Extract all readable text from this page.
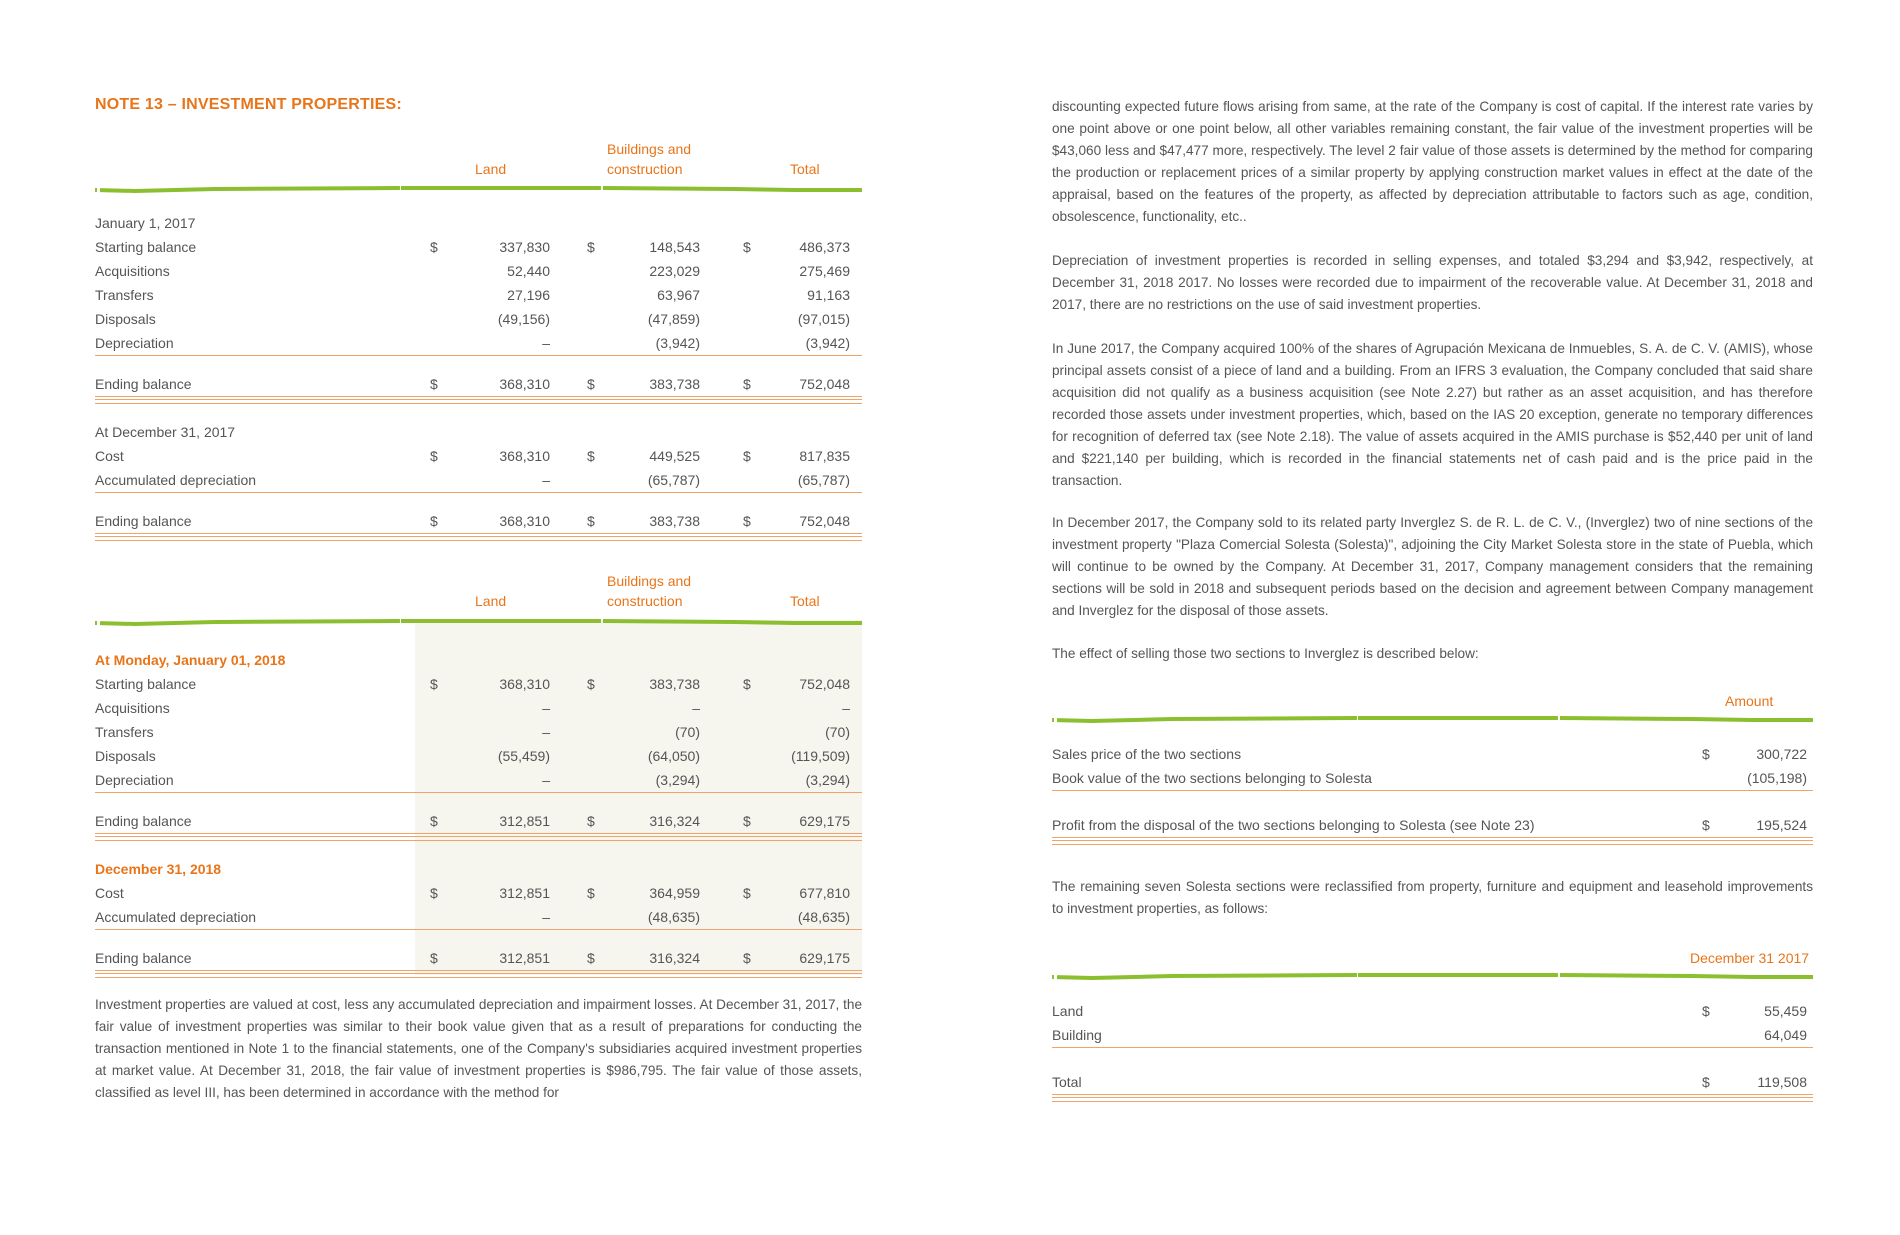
NOTE 13 – INVESTMENT PROPERTIES:
Land
Buildings and
construction	Total
January 1, 2017
Starting balance	$	337,830	$	148,543	$	486,373
Acquisitions	52,440	223,029	275,469
Transfers	27,196	63,967	91,163
Disposals	(49,156)	(47,859)	(97,015)
Depreciation	–	(3,942)	(3,942)
Ending balance	$	368,310	$	383,738	$	752,048
At December 31, 2017
Cost	$	368,310	$	449,525	$	817,835
Accumulated depreciation	–	(65,787)	(65,787)
Ending balance	$	368,310	$	383,738	$	752,048
Land
Buildings and
construction	Total
At Monday, January 01, 2018
Starting balance	$	368,310	$	383,738	$	752,048
Acquisitions	–	–	–
Transfers	–	(70)	(70)
Disposals	(55,459)	(64,050)	(119,509)
Depreciation	–	(3,294)	(3,294)
Ending balance	$	312,851	$	316,324	$	629,175
December 31, 2018
Cost	$	312,851	$	364,959	$	677,810
Accumulated depreciation	–	(48,635)	(48,635)
Ending balance	$	312,851	$	316,324	$	629,175
Investment properties are valued at cost, less any accumulated depreciation and impairment losses. At December 31, 2017, the fair value of investment properties was similar to their book value given that as a result of preparations for conducting the transaction mentioned in Note 1 to the financial statements, one of the Company's subsidiaries acquired investment properties at market value. At December 31, 2018, the fair value of investment properties is $986,795. The fair value of those assets, classified as level III, has been determined in accordance with the method for
discounting expected future flows arising from same, at the rate of the Company is cost of capital. If the interest rate varies by one point above or one point below, all other variables remaining constant, the fair value of the investment properties will be $43,060 less and $47,477 more, respectively. The level 2 fair value of those assets is determined by the method for comparing the production or replacement prices of a similar property by applying construction market values in effect at the date of the appraisal, based on the features of the property, as affected by depreciation attributable to factors such as age, condition, obsolescence, functionality, etc..
Depreciation of investment properties is recorded in selling expenses, and totaled $3,294 and $3,942, respectively, at December 31, 2018 2017. No losses were recorded due to impairment of the recoverable value. At December 31, 2018 and 2017, there are no restrictions on the use of said investment properties.
In June 2017, the Company acquired 100% of the shares of Agrupación Mexicana de Inmuebles, S. A. de C. V. (AMIS), whose principal assets consist of a piece of land and a building. From an IFRS 3 evaluation, the Company concluded that said share acquisition did not qualify as a business acquisition (see Note 2.27) but rather as an asset acquisition, and has therefore recorded those assets under investment properties, which, based on the IAS 20 exception, generate no temporary differences for recognition of deferred tax (see Note 2.18). The value of assets acquired in the AMIS purchase is $52,440 per unit of land and $221,140 per building, which is recorded in the financial statements net of cash paid and is the price paid in the transaction.
In December 2017, the Company sold to its related party Inverglez S. de R. L. de C. V., (Inverglez) two of nine sections of the investment property "Plaza Comercial Solesta (Solesta)", adjoining the City Market Solesta store in the state of Puebla, which will continue to be owned by the Company. At December 31, 2017, Company management considers that the remaining sections will be sold in 2018 and subsequent periods based on the decision and agreement between Company management and Inverglez for the disposal of those assets.
The effect of selling those two sections to Inverglez is described below:
Amount
Sales price of the two sections	$	300,722
Book value of the two sections belonging to Solesta	(105,198)
Profit from the disposal of the two sections belonging to Solesta (see Note 23)	$	195,524
The remaining seven Solesta sections were reclassified from property, furniture and equipment and leasehold improvements to investment properties, as follows:
December 31 2017
Land	$	55,459
Building	64,049
Total	$	119,508
